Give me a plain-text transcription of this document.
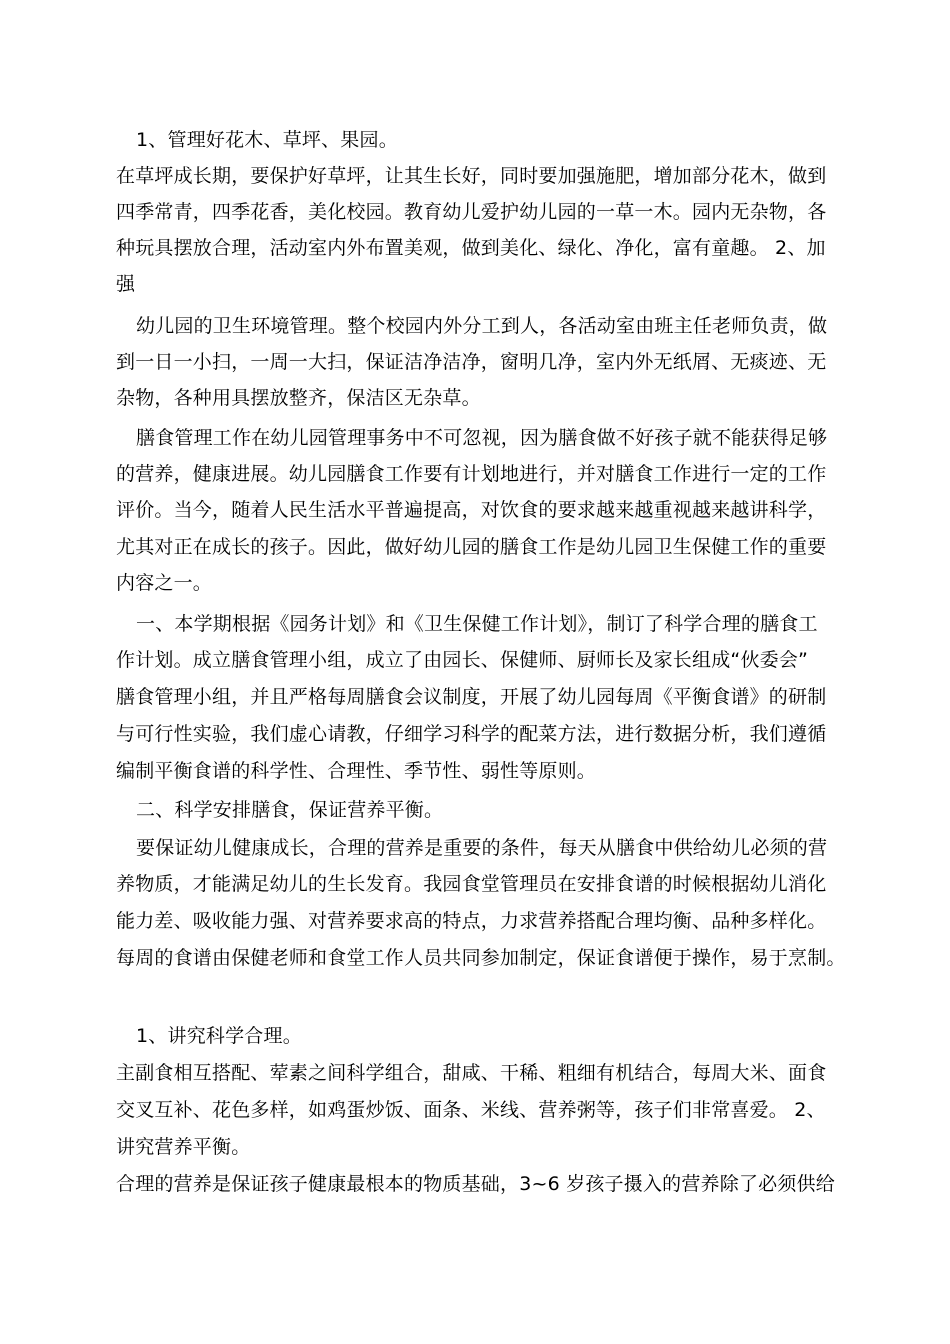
1、管理好花木、草坪、果园。
在草坪成长期，要保护好草坪，让其生长好，同时要加强施肥，增加部分花木，做到
四季常青，四季花香，美化校园。教育幼儿爱护幼儿园的一草一木。园内无杂物，各
种玩具摆放合理，活动室内外布置美观，做到美化、绿化、净化，富有童趣。 2、加
强
幼儿园的卫生环境管理。整个校园内外分工到人，各活动室由班主任老师负责，做
到一日一小扫，一周一大扫，保证洁净洁净，窗明几净，室内外无纸屑、无痰迹、无
杂物，各种用具摆放整齐，保洁区无杂草。
膳食管理工作在幼儿园管理事务中不可忽视，因为膳食做不好孩子就不能获得足够
的营养，健康进展。幼儿园膳食工作要有计划地进行，并对膳食工作进行一定的工作
评价。当今，随着人民生活水平普遍提高，对饮食的要求越来越重视越来越讲科学，
尤其对正在成长的孩子。因此，做好幼儿园的膳食工作是幼儿园卫生保健工作的重要
内容之一。
一、本学期根据《园务计划》和《卫生保健工作计划》，制订了科学合理的膳食工
作计划。成立膳食管理小组，成立了由园长、保健师、厨师长及家长组成“伙委会”
膳食管理小组，并且严格每周膳食会议制度，开展了幼儿园每周《平衡食谱》的研制
与可行性实验，我们虚心请教，仔细学习科学的配菜方法，进行数据分析，我们遵循
编制平衡食谱的科学性、合理性、季节性、弱性等原则。
二、科学安排膳食，保证营养平衡。
要保证幼儿健康成长，合理的营养是重要的条件，每天从膳食中供给幼儿必须的营
养物质，才能满足幼儿的生长发育。我园食堂管理员在安排食谱的时候根据幼儿消化
能力差、吸收能力强、对营养要求高的特点，力求营养搭配合理均衡、品种多样化。
每周的食谱由保健老师和食堂工作人员共同参加制定，保证食谱便于操作，易于烹制。
1、讲究科学合理。
主副食相互搭配、荤素之间科学组合，甜咸、干稀、粗细有机结合，每周大米、面食
交叉互补、花色多样，如鸡蛋炒饭、面条、米线、营养粥等，孩子们非常喜爱。 2、
讲究营养平衡。
合理的营养是保证孩子健康最根本的物质基础，3~6 岁孩子摄入的营养除了必须供给
